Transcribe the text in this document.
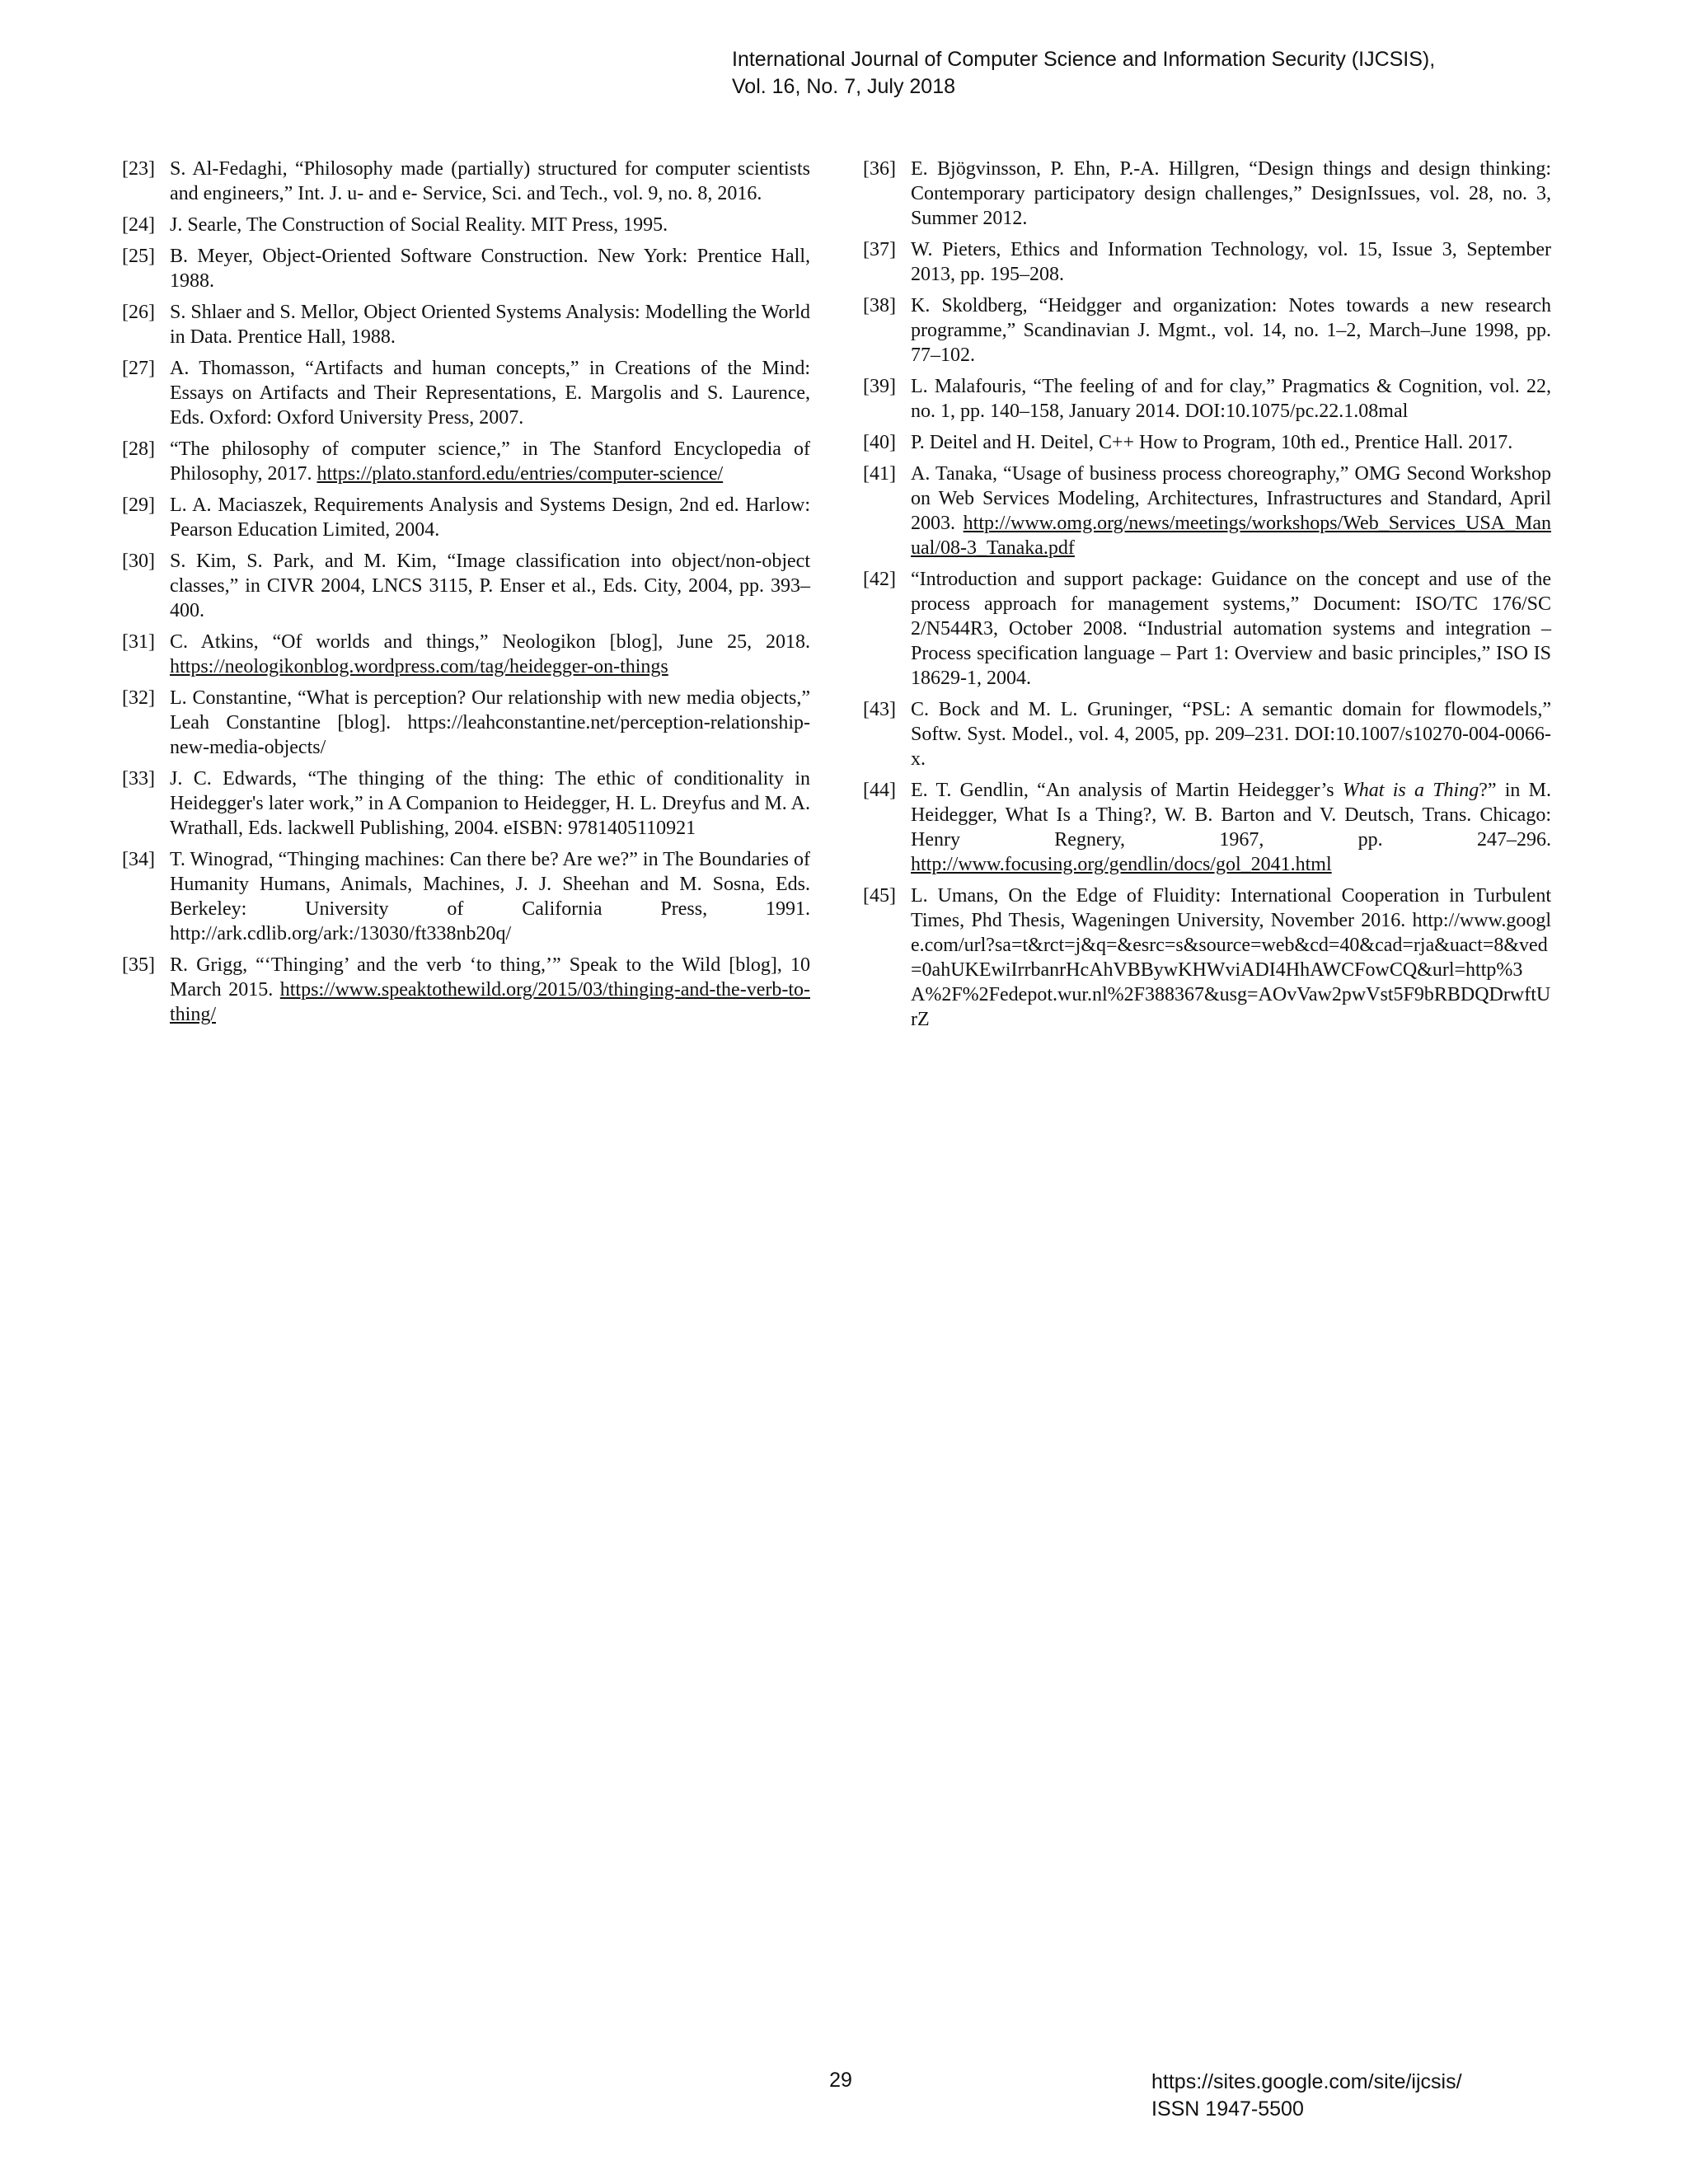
International Journal of Computer Science and Information Security (IJCSIS),
Vol. 16, No. 7, July 2018
[23] S. Al-Fedaghi, “Philosophy made (partially) structured for computer scientists and engineers,” Int. J. u- and e- Service, Sci. and Tech., vol. 9, no. 8, 2016.
[24] J. Searle, The Construction of Social Reality. MIT Press, 1995.
[25] B. Meyer, Object-Oriented Software Construction. New York: Prentice Hall, 1988.
[26] S. Shlaer and S. Mellor, Object Oriented Systems Analysis: Modelling the World in Data. Prentice Hall, 1988.
[27] A. Thomasson, “Artifacts and human concepts,” in Creations of the Mind: Essays on Artifacts and Their Representations, E. Margolis and S. Laurence, Eds. Oxford: Oxford University Press, 2007.
[28] “The philosophy of computer science,” in The Stanford Encyclopedia of Philosophy, 2017. https://plato.stanford.edu/entries/computer-science/
[29] L. A. Maciaszek, Requirements Analysis and Systems Design, 2nd ed. Harlow: Pearson Education Limited, 2004.
[30] S. Kim, S. Park, and M. Kim, “Image classification into object/non-object classes,” in CIVR 2004, LNCS 3115, P. Enser et al., Eds. City, 2004, pp. 393–400.
[31] C. Atkins, “Of worlds and things,” Neologikon [blog], June 25, 2018. https://neologikonblog.wordpress.com/tag/heidegger-on-things
[32] L. Constantine, “What is perception? Our relationship with new media objects,” Leah Constantine [blog]. https://leahconstantine.net/perception-relationship-new-media-objects/
[33] J. C. Edwards, “The thinging of the thing: The ethic of conditionality in Heidegger's later work,” in A Companion to Heidegger, H. L. Dreyfus and M. A. Wrathall, Eds. lackwell Publishing, 2004. eISBN: 9781405110921
[34] T. Winograd, “Thinging machines: Can there be? Are we?” in The Boundaries of Humanity Humans, Animals, Machines, J. J. Sheehan and M. Sosna, Eds. Berkeley: University of California Press, 1991. http://ark.cdlib.org/ark:/13030/ft338nb20q/
[35] R. Grigg, “‘Thinging’ and the verb ‘to thing,’” Speak to the Wild [blog], 10 March 2015. https://www.speaktothewild.org/2015/03/thinging-and-the-verb-to-thing/
[36] E. Bjögvinsson, P. Ehn, P.-A. Hillgren, “Design things and design thinking: Contemporary participatory design challenges,” DesignIssues, vol. 28, no. 3, Summer 2012.
[37] W. Pieters, Ethics and Information Technology, vol. 15, Issue 3, September 2013, pp. 195–208.
[38] K. Skoldberg, “Heidgger and organization: Notes towards a new research programme,” Scandinavian J. Mgmt., vol. 14, no. 1–2, March–June 1998, pp. 77–102.
[39] L. Malafouris, “The feeling of and for clay,” Pragmatics & Cognition, vol. 22, no. 1, pp. 140–158, January 2014. DOI:10.1075/pc.22.1.08mal
[40] P. Deitel and H. Deitel, C++ How to Program, 10th ed., Prentice Hall. 2017.
[41] A. Tanaka, “Usage of business process choreography,” OMG Second Workshop on Web Services Modeling, Architectures, Infrastructures and Standard, April 2003. http://www.omg.org/news/meetings/workshops/Web_Services_USA_Manual/08-3_Tanaka.pdf
[42] “Introduction and support package: Guidance on the concept and use of the process approach for management systems,” Document: ISO/TC 176/SC 2/N544R3, October 2008. “Industrial automation systems and integration – Process specification language – Part 1: Overview and basic principles,” ISO IS 18629-1, 2004.
[43] C. Bock and M. L. Gruninger, “PSL: A semantic domain for flowmodels,” Softw. Syst. Model., vol. 4, 2005, pp. 209–231. DOI:10.1007/s10270-004-0066-x.
[44] E. T. Gendlin, “An analysis of Martin Heidegger’s What is a Thing?” in M. Heidegger, What Is a Thing?, W. B. Barton and V. Deutsch, Trans. Chicago: Henry Regnery, 1967, pp. 247–296. http://www.focusing.org/gendlin/docs/gol_2041.html
[45] L. Umans, On the Edge of Fluidity: International Cooperation in Turbulent Times, Phd Thesis, Wageningen University, November 2016. http://www.google.com/url?sa=t&rct=j&q=&esrc=s&source=web&cd=40&cad=rja&uact=8&ved=0ahUKEwiIrrbanrHcAhVBBywKHWviADI4HhAWCFowCQ&url=http%3A%2F%2Fedepot.wur.nl%2F388367&usg=AOvVaw2pwVst5F9bRBDQDrwftUrZ
29	https://sites.google.com/site/ijcsis/
ISSN 1947-5500
